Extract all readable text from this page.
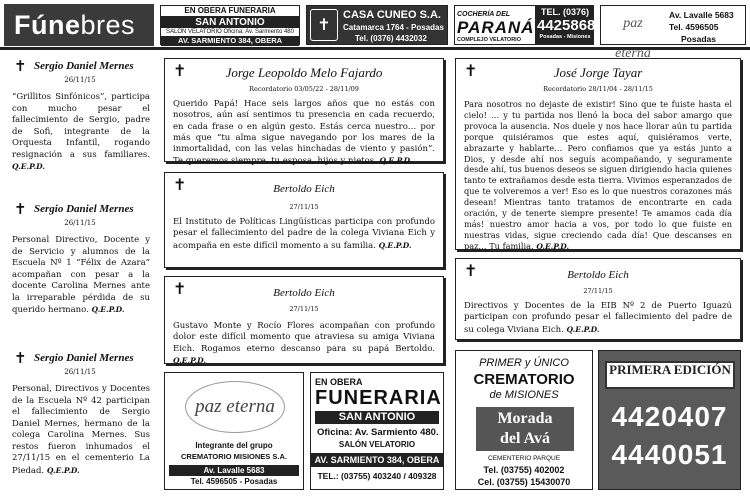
Fúnebres	EN OBERA FUNERARIA
SAN ANTONIO
SALÓN VELATORIO Oficina: Av. Sarmiento 480
AV. SARMIENTO 384, OBERA
✝
CASA CUNEO S.A.
Catamarca 1764 - Posadas
Tel. (0376) 4432032
COCHERÍA DEL
PARANÁ
COMPLEJO VELATORIO
TEL. (0376)
4425868
Posadas - Misiones
paz eterna
Av. Lavalle 5683
Tel. 4596505
Posadas
✝ Sergio Daniel Mernes
26/11/15
“Grillitos Sinfónicos”, participa con mucho pesar el fallecimiento de Sergio, padre de Sofi, integrante de la Orquesta Infantil, rogando resignación a sus familiares. Q.E.P.D.
✝ Sergio Daniel Mernes
26/11/15
Personal Directivo, Docente y de Servicio y alumnos de la Escuela Nº 1 “Félix de Azara” acompañan con pesar a la docente Carolina Mernes ante la irreparable pérdida de su querido hermano. Q.E.P.D.
✝ Sergio Daniel Mernes
26/11/15
Personal, Directivos y Docentes de la Escuela Nº 42 participan el fallecimiento de Sergio Daniel Mernes, hermano de la colega Carolina Mernes. Sus restos fueron inhumados el 27/11/15 en el cementerio La Piedad. Q.E.P.D.
✝	Jorge Leopoldo Melo Fajardo
Recordatorio 03/05/22 - 28/11/09
Querido Papá! Hace seis largos años que no estás con nosotros, aún así sentimos tu presencia en cada recuerdo, en cada frase o en algún gesto. Estás cerca nuestro… por más que “tu alma sigue navegando por los mares de la inmortalidad, con las velas hinchadas de viento y pasión”. Te queremos siempre, tu esposa, hijos y nietos. Q.E.P.D.
✝	Bertoldo Eich
27/11/15
El Instituto de Políticas Lingüísticas participa con profundo pesar el fallecimiento del padre de la colega Viviana Eich y acompaña en este difícil momento a su familia. Q.E.P.D.
✝	Bertoldo Eich
27/11/15
Gustavo Monte y Rocío Flores acompañan con profundo dolor este difícil momento que atraviesa su amiga Viviana Eich. Rogamos eterno descanso para su papá Bertoldo. Q.E.P.D.
✝	José Jorge Tayar
Recordatorio 28/11/04 - 28/11/15
Para nosotros no dejaste de existir! Sino que te fuiste hasta el cielo! … y tu partida nos llenó la boca del sabor amargo que provoca la ausencia. Nos duele y nos hace llorar aún tu partida porque quisiéramos que estes aquí, quisiéramos verte, abrazarte y hablarte… Pero confiamos que ya estás junto a Dios, y desde ahí nos seguís acompañando, y seguramente desde ahí, tus buenos deseos se siguen dirigiendo hacia quienes tanto te extrañamos desde esta tierra. Vivimos esperanzados de que te volveremos a ver! Eso es lo que nuestros corazones más desean! Mientras tanto tratamos de encontrarte en cada oración, y de tenerte siempre presente! Te amamos cada día más! nuestro amor hacia a vos, por todo lo que fuiste en nuestras vidas, sigue creciendo cada día! Que descanses en paz… Tu familia. Q.E.P.D.
✝	Bertoldo Eich
27/11/15
Directivos y Docentes de la EIB Nº 2 de Puerto Iguazú participan con profundo pesar el fallecimiento del padre de su colega Viviana Eich. Q.E.P.D.
paz eterna
Integrante del grupo
CREMATORIO MISIONES S.A.
Av. Lavalle 5683
Tel. 4596505 - Posadas
EN OBERA
FUNERARIA
SAN ANTONIO
Oficina: Av. Sarmiento 480.
SALÓN VELATORIO
AV. SARMIENTO 384, OBERA
TEL.: (03755) 403240 / 409328
PRIMER y ÚNICO
CREMATORIO
de MISIONES
Morada
del Avá
CEMENTERIO PARQUE
Tel. (03755) 402002
Cel. (03755) 15430070
PRIMERA EDICIÓN
4420407
4440051
